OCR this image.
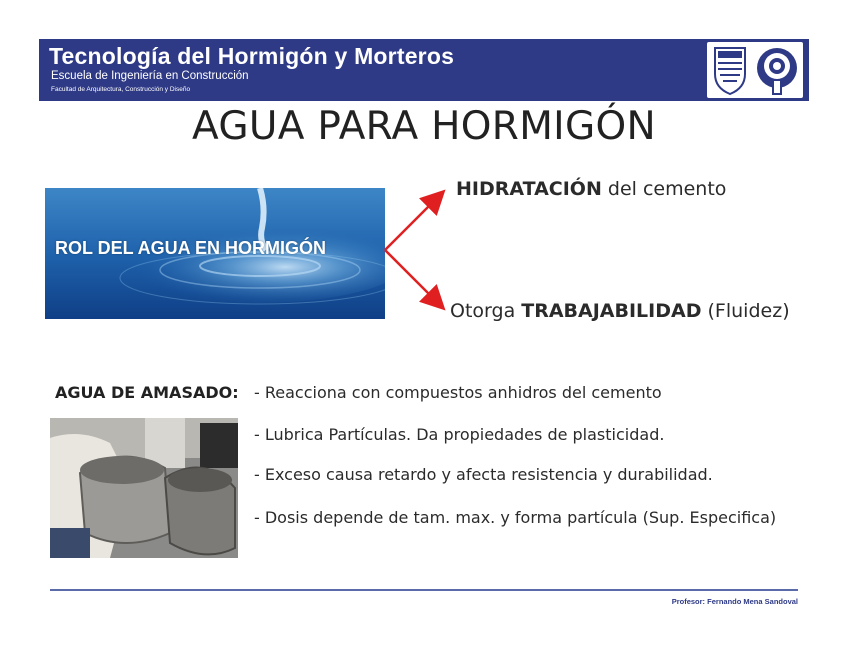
Tecnología del Hormigón y Morteros
Escuela de Ingeniería en Construcción
Facultad de Arquitectura, Construcción y Diseño
AGUA PARA HORMIGÓN
ROL DEL AGUA EN HORMIGÓN
HIDRATACIÓN del cemento
Otorga TRABAJABILIDAD (Fluidez)
AGUA DE AMASADO: - Reacciona con compuestos anhidros del cemento
- Lubrica Partículas. Da propiedades de plasticidad.
- Exceso causa retardo y afecta resistencia y durabilidad.
- Dosis depende de tam. max. y forma partícula (Sup. Especifica)
Profesor: Fernando Mena Sandoval
